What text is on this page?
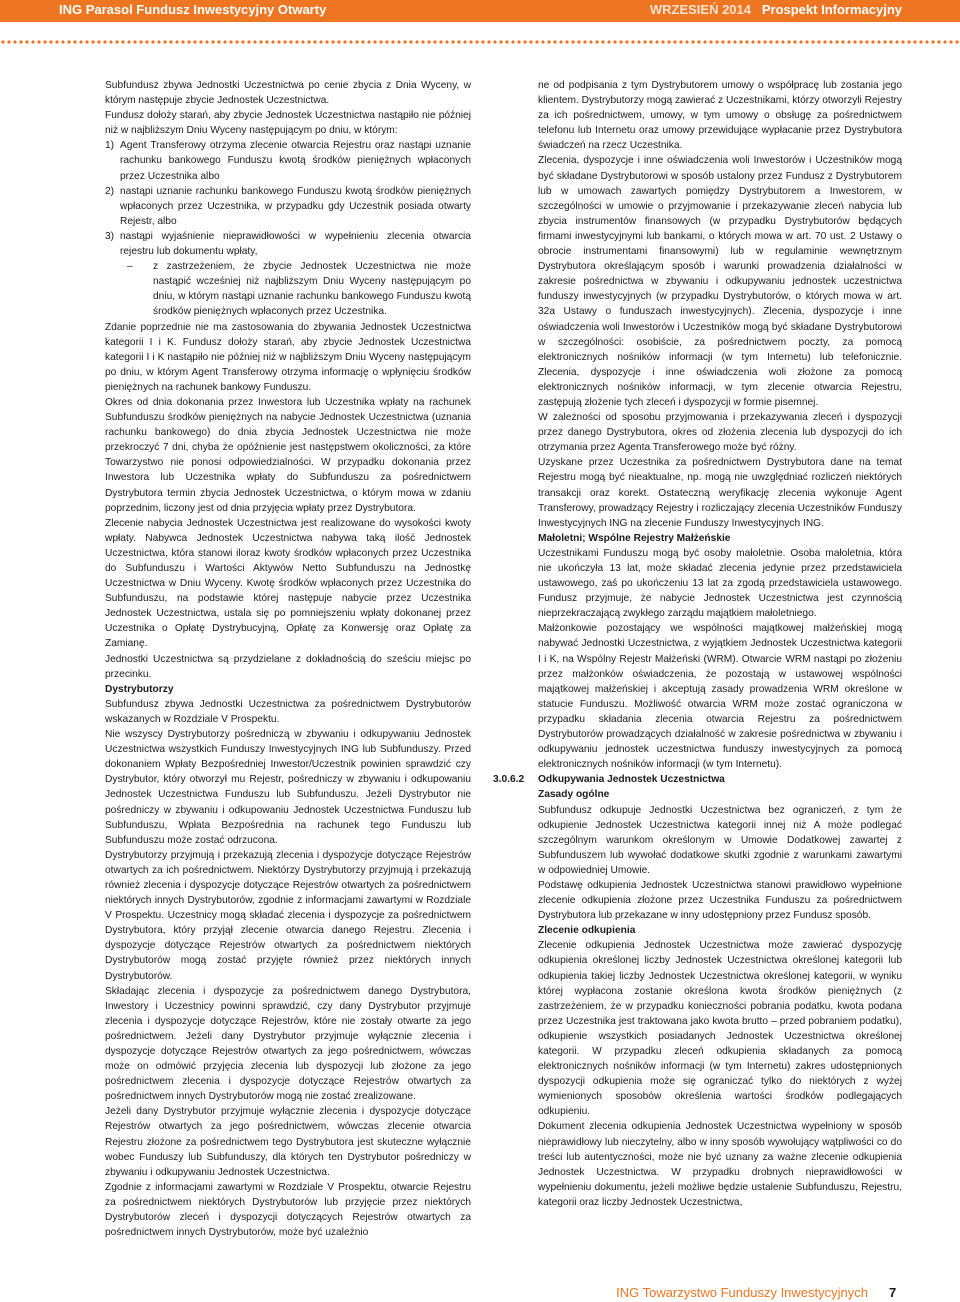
ING Parasol Fundusz Inwestycyjny Otwarty	WRZESIEŃ 2014 Prospekt Informacyjny

Subfundusz zbywa Jednostki Uczestnictwa po cenie zbycia z Dnia Wyceny, w którym następuje zbycie Jednostek Uczestnictwa.

Fundusz dołoży starań, aby zbycie Jednostek Uczestnictwa nastąpiło nie później niż w najbliższym Dniu Wyceny następującym po dniu, w którym:

1) Agent Transferowy otrzyma zlecenie otwarcia Rejestru oraz nastąpi uznanie rachunku bankowego Funduszu kwotą środków pieniężnych wpłaconych przez Uczestnika albo

2) nastąpi uznanie rachunku bankowego Funduszu kwotą środków pieniężnych wpłaconych przez Uczestnika, w przypadku gdy Uczestnik posiada otwarty Rejestr, albo

3) nastąpi wyjaśnienie nieprawidłowości w wypełnieniu zlecenia otwarcia rejestru lub dokumentu wpłaty,

– z zastrzeżeniem, że zbycie Jednostek Uczestnictwa nie może nastąpić wcześniej niż najbliższym Dniu Wyceny następującym po dniu, w którym nastąpi uznanie rachunku bankowego Funduszu kwotą środków pieniężnych wpłaconych przez Uczestnika.

Zdanie poprzednie nie ma zastosowania do zbywania Jednostek Uczestnictwa kategorii I i K. Fundusz dołoży starań, aby zbycie Jednostek Uczestnictwa kategorii I i K nastąpiło nie później niż w najbliższym Dniu Wyceny następującym po dniu, w którym Agent Transferowy otrzyma informację o wpłynięciu środków pieniężnych na rachunek bankowy Funduszu.

Okres od dnia dokonania przez Inwestora lub Uczestnika wpłaty na rachunek Subfunduszu środków pieniężnych na nabycie Jednostek Uczestnictwa (uznania rachunku bankowego) do dnia zbycia Jednostek Uczestnictwa nie może przekroczyć 7 dni, chyba że opóźnienie jest następstwem okoliczności, za które Towarzystwo nie ponosi odpowiedzialności. W przypadku dokonania przez Inwestora lub Uczestnika wpłaty do Subfunduszu za pośrednictwem Dystrybutora termin zbycia Jednostek Uczestnictwa, o którym mowa w zdaniu poprzednim, liczony jest od dnia przyjęcia wpłaty przez Dystrybutora.

Zlecenie nabycia Jednostek Uczestnictwa jest realizowane do wysokości kwoty wpłaty. Nabywca Jednostek Uczestnictwa nabywa taką ilość Jednostek Uczestnictwa, która stanowi iloraz kwoty środków wpłaconych przez Uczestnika do Subfunduszu i Wartości Aktywów Netto Subfunduszu na Jednostkę Uczestnictwa w Dniu Wyceny. Kwotę środków wpłaconych przez Uczestnika do Subfunduszu, na podstawie której następuje nabycie przez Uczestnika Jednostek Uczestnictwa, ustala się po pomniejszeniu wpłaty dokonanej przez Uczestnika o Opłatę Dystrybucyjną, Opłatę za Konwersję oraz Opłatę za Zamianę.

Jednostki Uczestnictwa są przydzielane z dokładnością do sześciu miejsc po przecinku.

Dystrybutorzy

Subfundusz zbywa Jednostki Uczestnictwa za pośrednictwem Dystrybutorów wskazanych w Rozdziale V Prospektu.

Nie wszyscy Dystrybutorzy pośredniczą w zbywaniu i odkupywaniu Jednostek Uczestnictwa wszystkich Funduszy Inwestycyjnych ING lub Subfunduszy. Przed dokonaniem Wpłaty Bezpośredniej Inwestor/Uczestnik powinien sprawdzić czy Dystrybutor, który otworzył mu Rejestr, pośredniczy w zbywaniu i odkupowaniu Jednostek Uczestnictwa Funduszu lub Subfunduszu. Jeżeli Dystrybutor nie pośredniczy w zbywaniu i odkupowaniu Jednostek Uczestnictwa Funduszu lub Subfunduszu, Wpłata Bezpośrednia na rachunek tego Funduszu lub Subfunduszu może zostać odrzucona.

Dystrybutorzy przyjmują i przekazują zlecenia i dyspozycje dotyczące Rejestrów otwartych za ich pośrednictwem. Niektórzy Dystrybutorzy przyjmują i przekazują również zlecenia i dyspozycje dotyczące Rejestrów otwartych za pośrednictwem niektórych innych Dystrybutorów, zgodnie z informacjami zawartymi w Rozdziale V Prospektu. Uczestnicy mogą składać zlecenia i dyspozycje za pośrednictwem Dystrybutora, który przyjął zlecenie otwarcia danego Rejestru. Zlecenia i dyspozycje dotyczące Rejestrów otwartych za pośrednictwem niektórych Dystrybutorów mogą zostać przyjęte również przez niektórych innych Dystrybutorów.

Składając zlecenia i dyspozycje za pośrednictwem danego Dystrybutora, Inwestory i Uczestnicy powinni sprawdzić, czy dany Dystrybutor przyjmuje zlecenia i dyspozycje dotyczące Rejestrów, które nie zostały otwarte za jego pośrednictwem. Jeżeli dany Dystrybutor przyjmuje wyłącznie zlecenia i dyspozycje dotyczące Rejestrów otwartych za jego pośrednictwem, wówczas może on odmówić przyjęcia zlecenia lub dyspozycji lub złożone za jego pośrednictwem zlecenia i dyspozycje dotyczące Rejestrów otwartych za pośrednictwem innych Dystrybutorów mogą nie zostać zrealizowane.

Jeżeli dany Dystrybutor przyjmuje wyłącznie zlecenia i dyspozycje dotyczące Rejestrów otwartych za jego pośrednictwem, wówczas zlecenie otwarcia Rejestru złożone za pośrednictwem tego Dystrybutora jest skuteczne wyłącznie wobec Funduszy lub Subfunduszy, dla których ten Dystrybutor pośredniczy w zbywaniu i odkupywaniu Jednostek Uczestnictwa.

Zgodnie z informacjami zawartymi w Rozdziale V Prospektu, otwarcie Rejestru za pośrednictwem niektórych Dystrybutorów lub przyjęcie przez niektórych Dystrybutorów zleceń i dyspozycji dotyczących Rejestrów otwartych za pośrednictwem innych Dystrybutorów, może być uzależnio

ne od podpisania z tym Dystrybutorem umowy o współpracę lub zostania jego klientem. Dystrybutorzy mogą zawierać z Uczestnikami, którzy otworzyli Rejestry za ich pośrednictwem, umowy, w tym umowy o obsługę za pośrednictwem telefonu lub Internetu oraz umowy przewidujące wypłacanie przez Dystrybutora świadczeń na rzecz Uczestnika.

Zlecenia, dyspozycje i inne oświadczenia woli Inwestorów i Uczestników mogą być składane Dystrybutorowi w sposób ustalony przez Fundusz z Dystrybutorem lub w umowach zawartych pomiędzy Dystrybutorem a Inwestorem, w szczególności w umowie o przyjmowanie i przekazywanie zleceń nabycia lub zbycia instrumentów finansowych (w przypadku Dystrybutorów będących firmami inwestycyjnymi lub bankami, o których mowa w art. 70 ust. 2 Ustawy o obrocie instrumentami finansowymi) lub w regulaminie wewnętrznym Dystrybutora określającym sposób i warunki prowadzenia działalności w zakresie pośrednictwa w zbywaniu i odkupywaniu jednostek uczestnictwa funduszy inwestycyjnych (w przypadku Dystrybutorów, o których mowa w art. 32a Ustawy o funduszach inwestycyjnych). Zlecenia, dyspozycje i inne oświadczenia woli Inwestorów i Uczestników mogą być składane Dystrybutorowi w szczególności: osobiście, za pośrednictwem poczty, za pomocą elektronicznych nośników informacji (w tym Internetu) lub telefonicznie. Zlecenia, dyspozycje i inne oświadczenia woli złożone za pomocą elektronicznych nośników informacji, w tym zlecenie otwarcia Rejestru, zastępują złożenie tych zleceń i dyspozycji w formie pisemnej.

W zależności od sposobu przyjmowania i przekazywania zleceń i dyspozycji przez danego Dystrybutora, okres od złożenia zlecenia lub dyspozycji do ich otrzymania przez Agenta Transferowego może być różny.

Uzyskane przez Uczestnika za pośrednictwem Dystrybutora dane na temat Rejestru mogą być nieaktualne, np. mogą nie uwzględniać rozliczeń niektórych transakcji oraz korekt. Ostateczną weryfikację zlecenia wykonuje Agent Transferowy, prowadzący Rejestry i rozliczający zlecenia Uczestników Funduszy Inwestycyjnych ING na zlecenie Funduszy Inwestycyjnych ING.

Małoletni; Wspólne Rejestry Małżeńskie

Uczestnikami Funduszu mogą być osoby małoletnie. Osoba małoletnia, która nie ukończyła 13 lat, może składać zlecenia jedynie przez przedstawiciela ustawowego, zaś po ukończeniu 13 lat za zgodą przedstawiciela ustawowego. Fundusz przyjmuje, że nabycie Jednostek Uczestnictwa jest czynnością nieprzekraczającą zwykłego zarządu majątkiem małoletniego.

Małżonkowie pozostający we wspólności majątkowej małżeńskiej mogą nabywać Jednostki Uczestnictwa, z wyjątkiem Jednostek Uczestnictwa kategorii I i K, na Wspólny Rejestr Małżeński (WRM). Otwarcie WRM nastąpi po złożeniu przez małżonków oświadczenia, że pozostają w ustawowej wspólności majątkowej małżeńskiej i akceptują zasady prowadzenia WRM określone w statucie Funduszu. Możliwość otwarcia WRM może zostać ograniczona w przypadku składania zlecenia otwarcia Rejestru za pośrednictwem Dystrybutorów prowadzących działalność w zakresie pośrednictwa w zbywaniu i odkupywaniu jednostek uczestnictwa funduszy inwestycyjnych za pomocą elektronicznych nośników informacji (w tym Internetu).

3.0.6.2 Odkupywania Jednostek Uczestnictwa

Zasady ogólne

Subfundusz odkupuje Jednostki Uczestnictwa bez ograniczeń, z tym że odkupienie Jednostek Uczestnictwa kategorii innej niż A może podlegać szczególnym warunkom określonym w Umowie Dodatkowej zawartej z Subfunduszem lub wywołać dodatkowe skutki zgodnie z warunkami zawartymi w odpowiedniej Umowie.

Podstawę odkupienia Jednostek Uczestnictwa stanowi prawidłowo wypełnione zlecenie odkupienia złożone przez Uczestnika Funduszu za pośrednictwem Dystrybutora lub przekazane w inny udostępniony przez Fundusz sposób.

Zlecenie odkupienia

Zlecenie odkupienia Jednostek Uczestnictwa może zawierać dyspozycję odkupienia określonej liczby Jednostek Uczestnictwa określonej kategorii lub odkupienia takiej liczby Jednostek Uczestnictwa określonej kategorii, w wyniku której wypłacona zostanie określona kwota środków pieniężnych (z zastrzeżeniem, że w przypadku konieczności pobrania podatku, kwota podana przez Uczestnika jest traktowana jako kwota brutto – przed pobraniem podatku), odkupienie wszystkich posiadanych Jednostek Uczestnictwa określonej kategorii. W przypadku zleceń odkupienia składanych za pomocą elektronicznych nośników informacji (w tym Internetu) zakres udostępnionych dyspozycji odkupienia może się ograniczać tylko do niektórych z wyżej wymienionych sposobów określenia wartości środków podlegających odkupieniu.

Dokument zlecenia odkupienia Jednostek Uczestnictwa wypełniony w sposób nieprawidłowy lub nieczytelny, albo w inny sposób wywołujący wątpliwości co do treści lub autentyczności, może nie być uznany za ważne zlecenie odkupienia Jednostek Uczestnictwa. W przypadku drobnych nieprawidłowości w wypełnieniu dokumentu, jeżeli możliwe będzie ustalenie Subfunduszu, Rejestru, kategorii oraz liczby Jednostek Uczestnictwa,

ING Towarzystwo Funduszy Inwestycyjnych 7
